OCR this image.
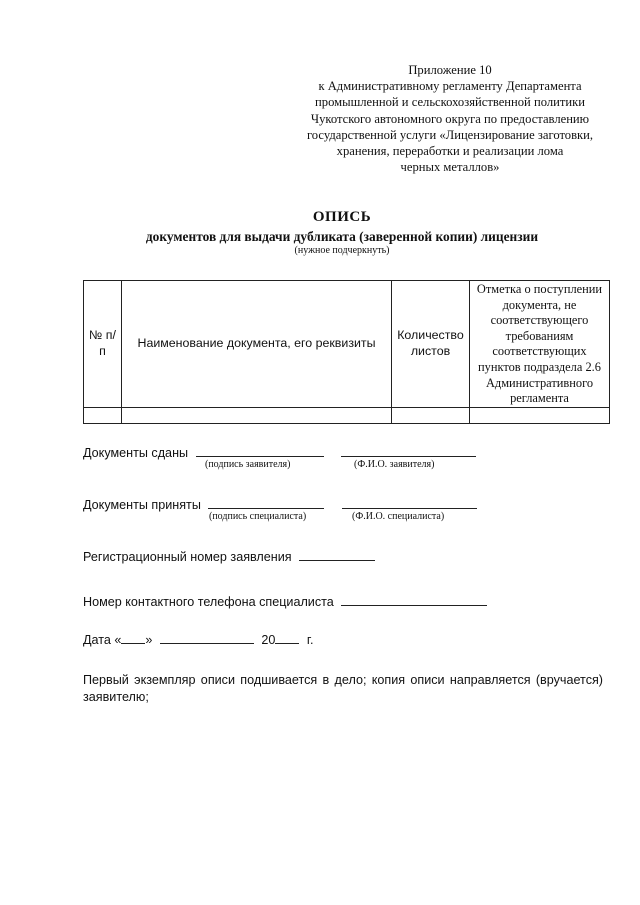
Приложение 10
к Административному регламенту Департамента
промышленной и сельскохозяйственной политики
Чукотского автономного округа по предоставлению
государственной услуги «Лицензирование заготовки,
хранения, переработки и реализации лома
черных металлов»
ОПИСЬ
документов для выдачи дубликата (заверенной копии) лицензии
(нужное подчеркнуть)
№ п/п	Наименование документа, его реквизиты	Количество листов	Отметка о поступлении документа, не соответствующего требованиям соответствующих пунктов подраздела 2.6 Административного регламента

Документы сданы
(подпись заявителя)	(Ф.И.О. заявителя)
Документы приняты
(подпись специалиста)	(Ф.И.О. специалиста)
Регистрационный номер заявления
Номер контактного телефона специалиста
Дата « »	20	г.
Первый экземпляр описи подшивается в дело; копия описи направляется (вручается) заявителю;
